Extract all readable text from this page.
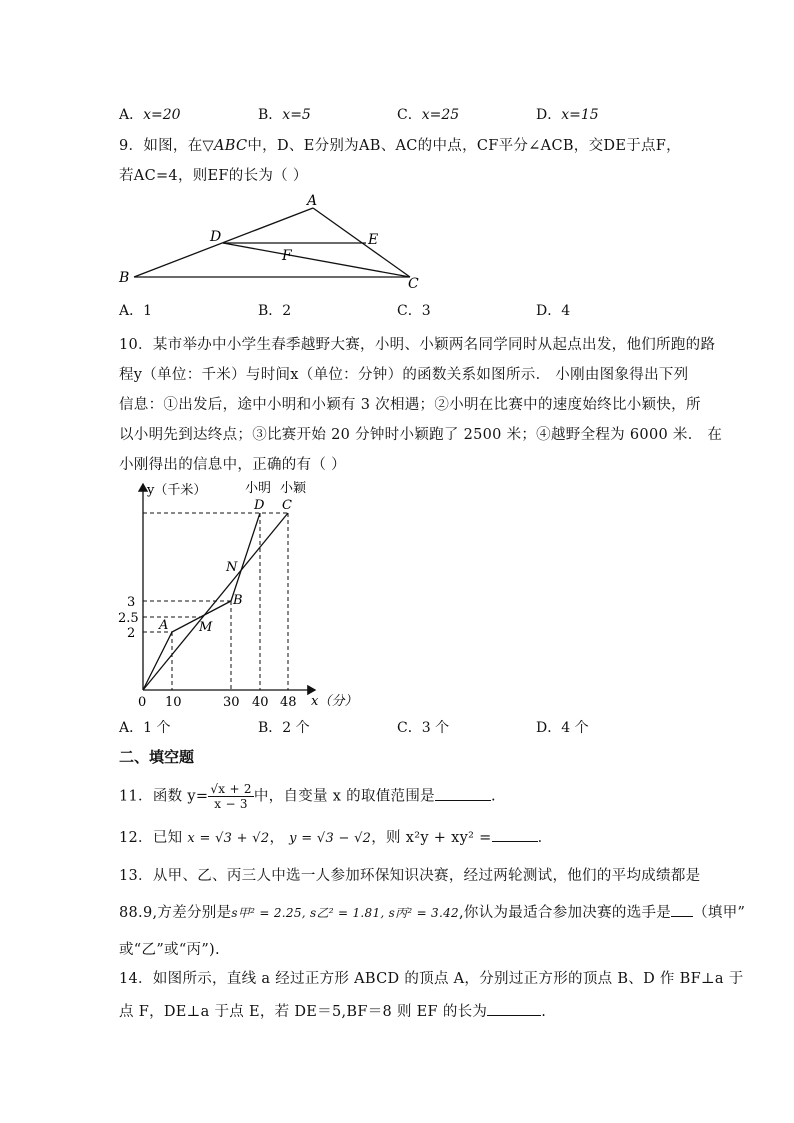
A．x=20	B．x=5	C．x=25	D．x=15
9．如图，在▽ABC中，D、E分别为AB、AC的中点，CF平分∠ACB，交DE于点F，
若AC=4，则EF的长为（ ）
A
D	E
F
B	C
A．1	B．2	C．3	D．4
10．某市举办中小学生春季越野大赛，小明、小颖两名同学同时从起点出发，他们所跑的路
程y（单位：千米）与时间x（单位：分钟）的函数关系如图所示． 小刚由图象得出下列
信息：①出发后，途中小明和小颖有 3 次相遇；②小明在比赛中的速度始终比小颖快，所
以小明先到达终点；③比赛开始 20 分钟时小颖跑了 2500 米；④越野全程为 6000 米． 在
小刚得出的信息中，正确的有（ ）
y（千米）
x（分）
小明 小颖
D C
N
B
A M
3
2.5
2
0 10	30 40 48
A．1 个	B．2 个	C．3 个	D．4 个
二、填空题
11．函数 $y= \frac{√x + 2}{x - 3}$ 中，自变量 x 的取值范围是	.
12．已知 x = √3 + √2， y = √3 − √2，则 x²y + xy² =	．
13．从甲、乙、丙三人中选一人参加环保知识决赛，经过两轮测试，他们的平均成绩都是
88.9,方差分别是s甲² = 2.25, s乙² = 1.81, s丙² = 3.42,你认为最适合参加决赛的选手是 （填甲”
或“乙”或“丙”).
14．如图所示，直线 a 经过正方形 ABCD 的顶点 A，分别过正方形的顶点 B、D 作 BF⊥a 于
点 F，DE⊥a 于点 E，若 DE＝5,BF＝8 则 EF 的长为	.
